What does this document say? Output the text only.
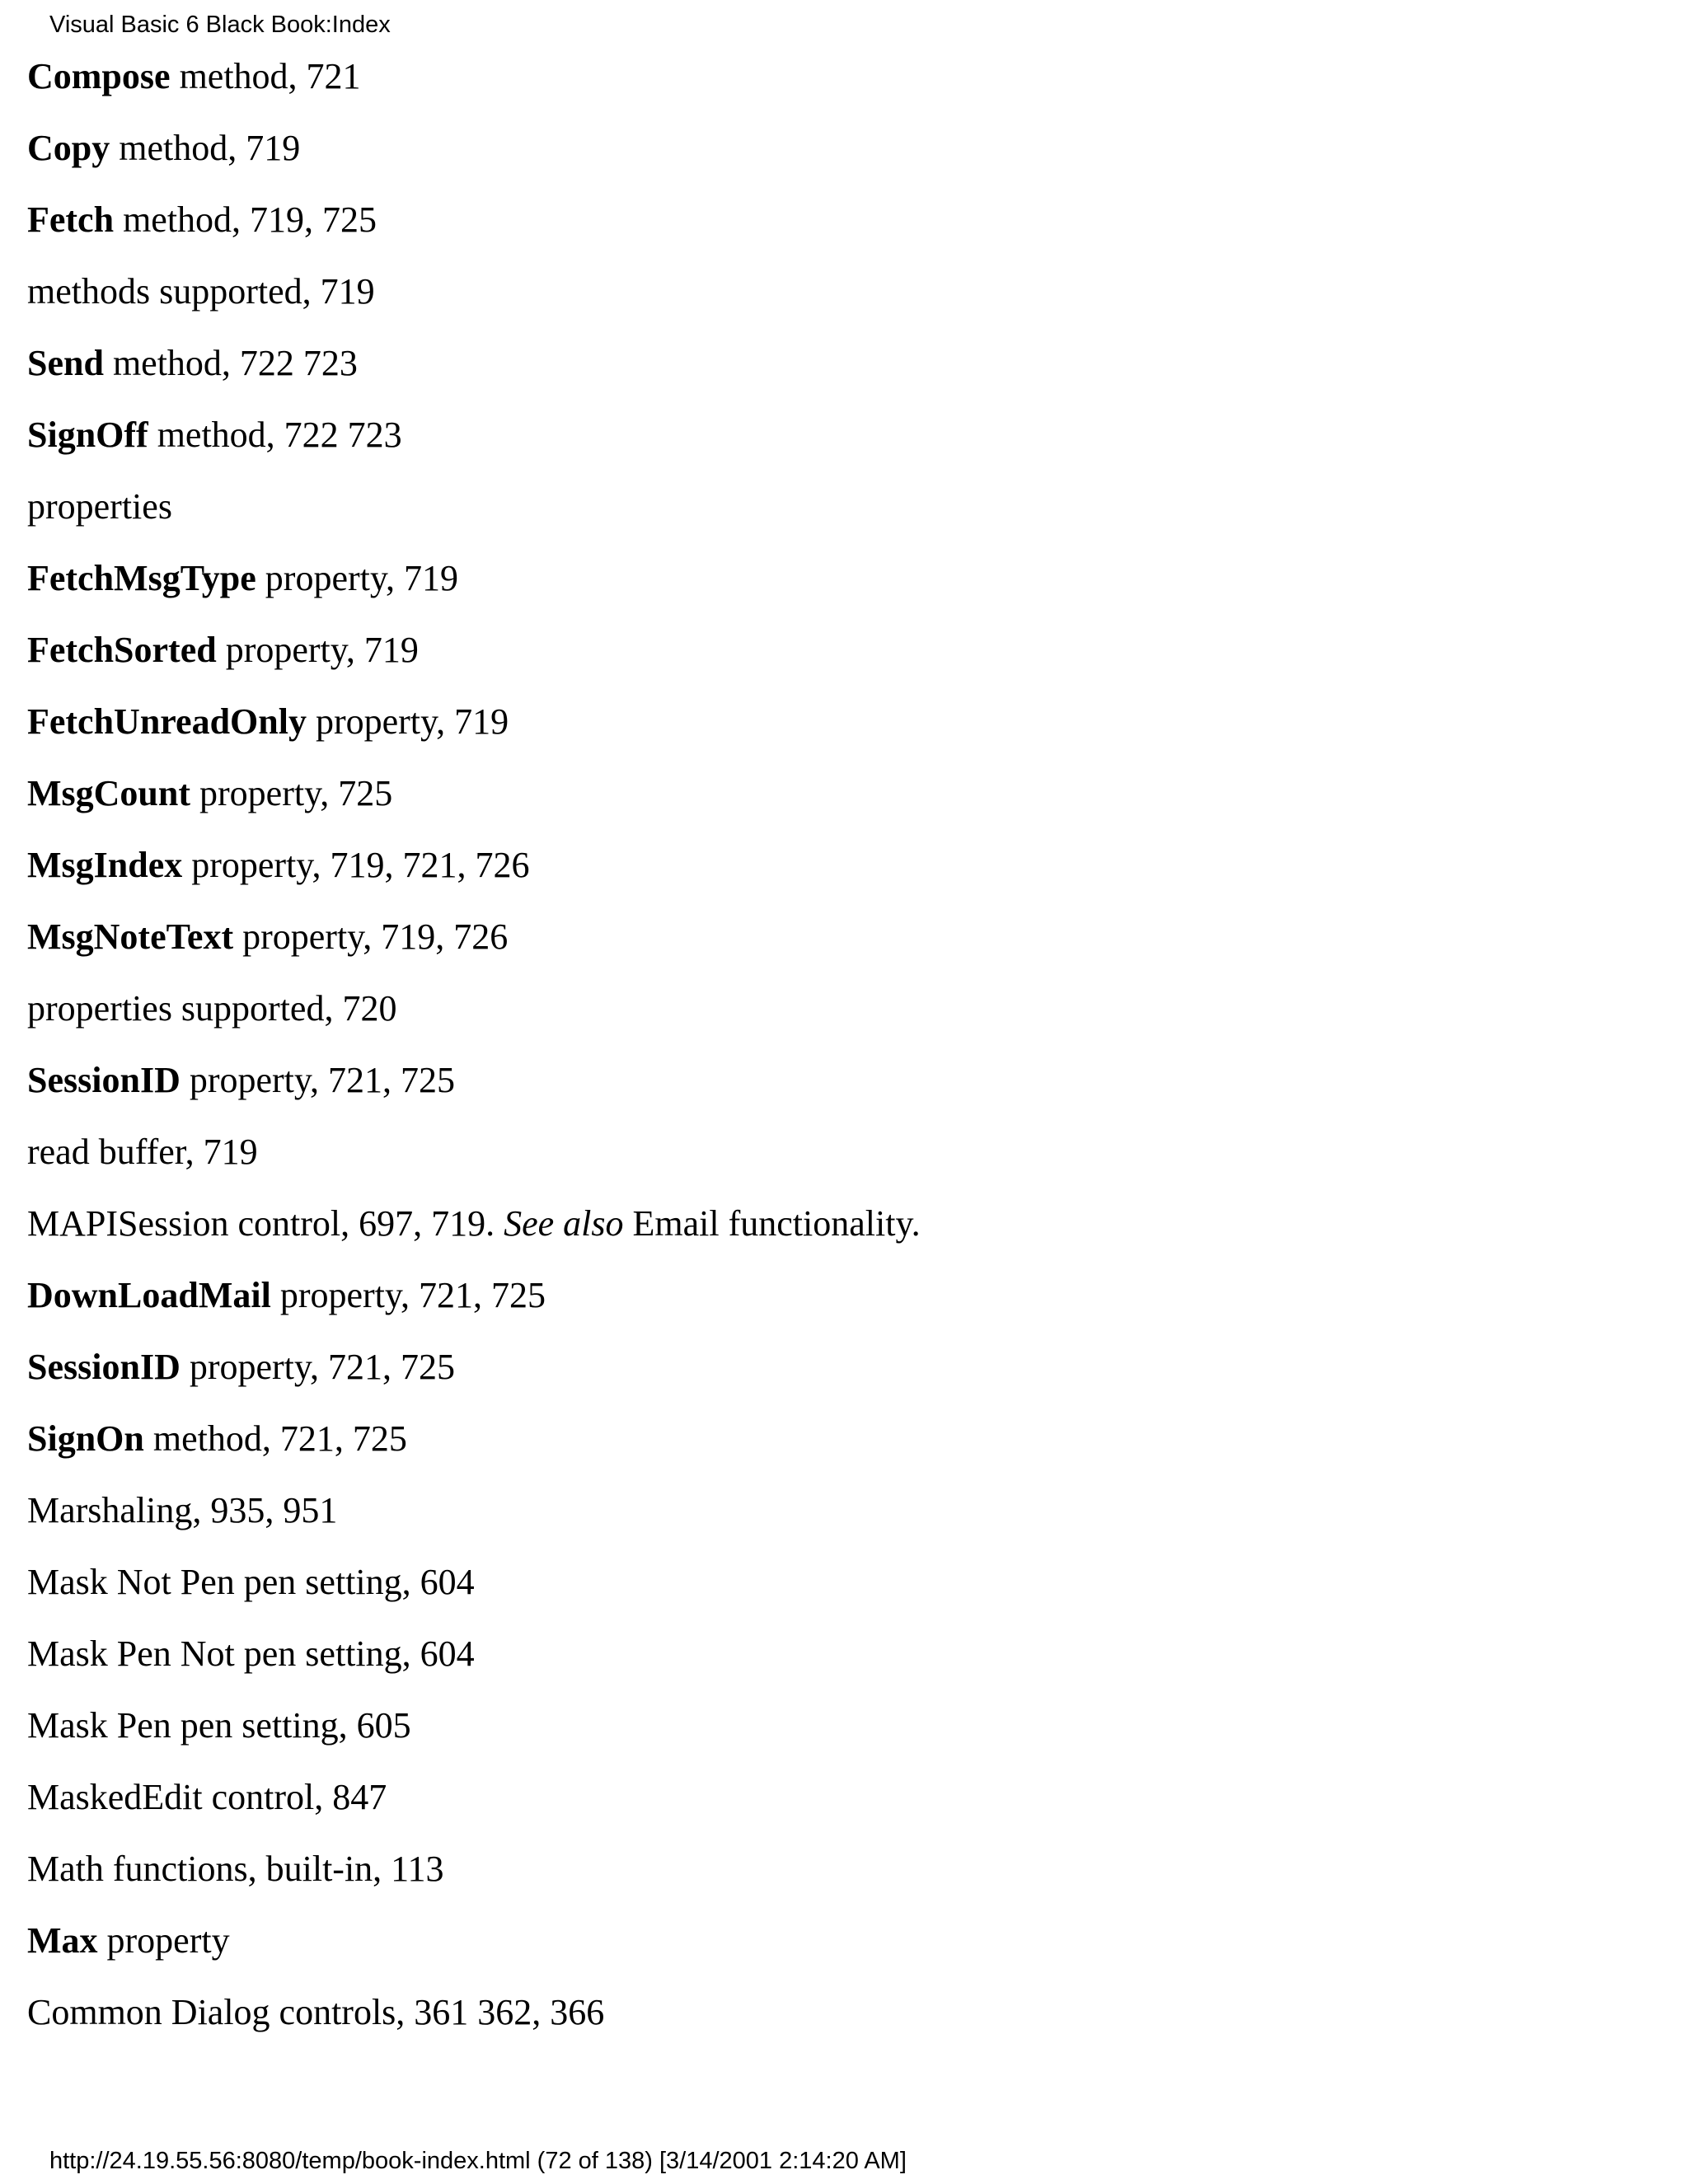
Visual Basic 6 Black Book:Index
Compose method, 721
Copy method, 719
Fetch method, 719, 725
methods supported, 719
Send method, 722 723
SignOff method, 722 723
properties
FetchMsgType property, 719
FetchSorted property, 719
FetchUnreadOnly property, 719
MsgCount property, 725
MsgIndex property, 719, 721, 726
MsgNoteText property, 719, 726
properties supported, 720
SessionID property, 721, 725
read buffer, 719
MAPISession control, 697, 719. See also Email functionality.
DownLoadMail property, 721, 725
SessionID property, 721, 725
SignOn method, 721, 725
Marshaling, 935, 951
Mask Not Pen pen setting, 604
Mask Pen Not pen setting, 604
Mask Pen pen setting, 605
MaskedEdit control, 847
Math functions, built-in, 113
Max property
Common Dialog controls, 361 362, 366
http://24.19.55.56:8080/temp/book-index.html (72 of 138) [3/14/2001 2:14:20 AM]
